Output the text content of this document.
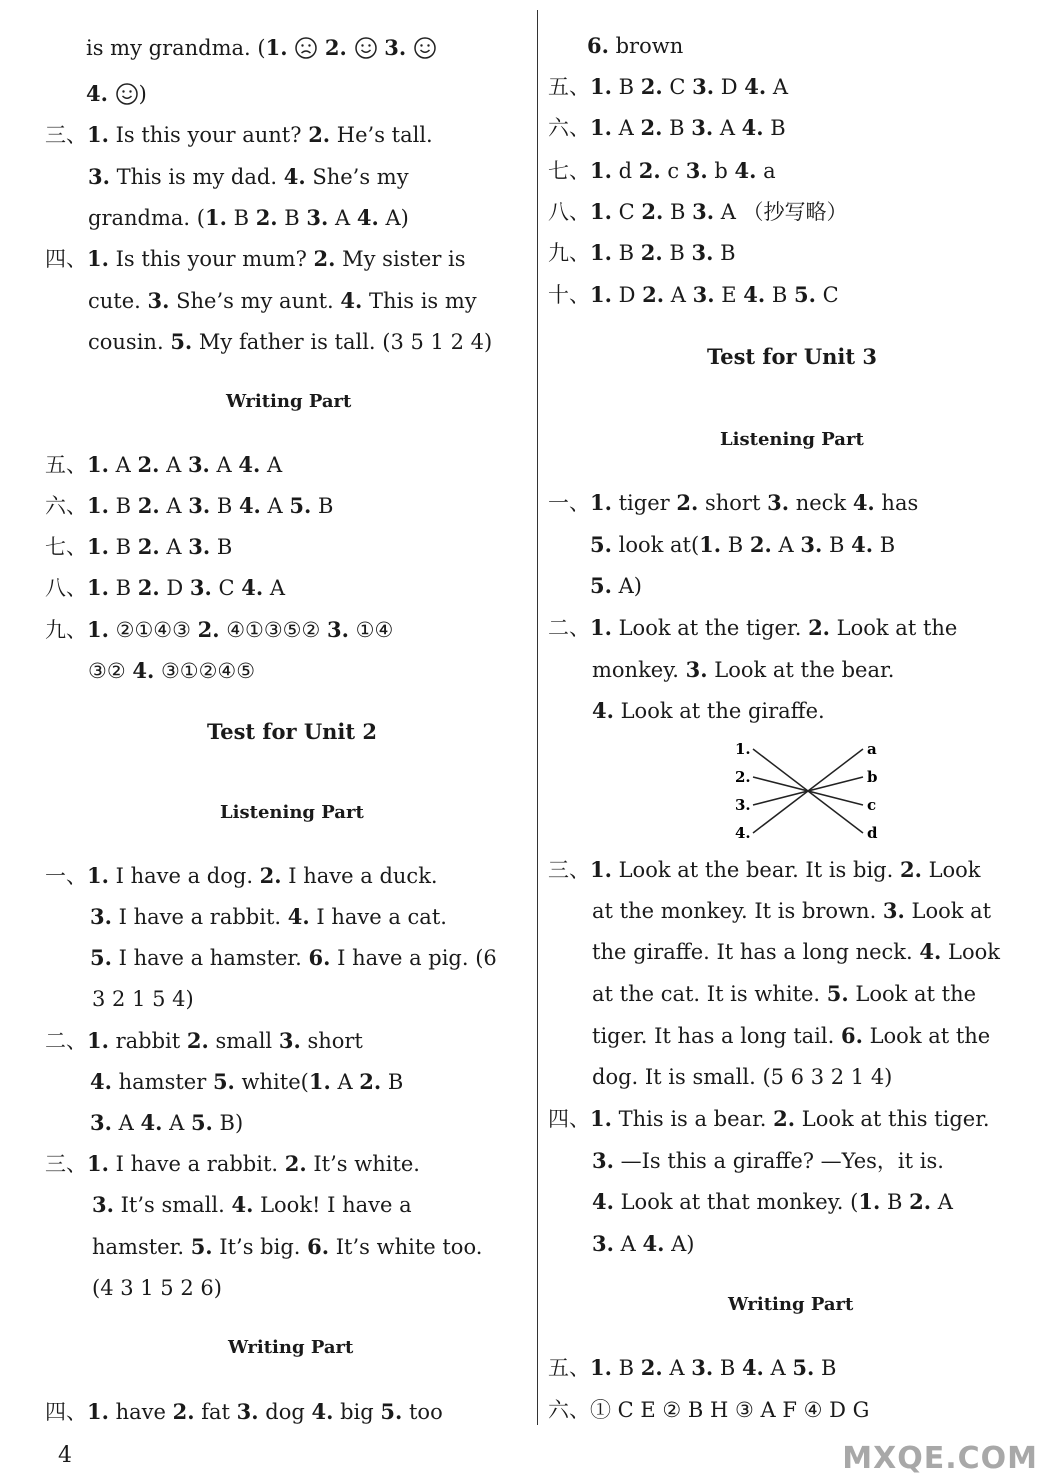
is my grandma. (1. 2. 3.
4. )
三、1. Is this your aunt? 2. He’s tall.
3. This is my dad. 4. She’s my
grandma. (1. B 2. B 3. A 4. A)
四、1. Is this your mum? 2. My sister is
cute. 3. She’s my aunt. 4. This is my
cousin. 5. My father is tall. (3 5 1 2 4)
五、1. A 2. A 3. A 4. A
六、1. B 2. A 3. B 4. A 5. B
七、1. B 2. A 3. B
八、1. B 2. D 3. C 4. A
九、1. ②①④③ 2. ④①③⑤② 3. ①④
③② 4. ③①②④⑤
一、1. I have a dog. 2. I have a duck.
3. I have a rabbit. 4. I have a cat.
5. I have a hamster. 6. I have a pig. (6
3 2 1 5 4)
二、1. rabbit 2. small 3. short
4. hamster 5. white(1. A 2. B
3. A 4. A 5. B)
三、1. I have a rabbit. 2. It’s white.
3. It’s small. 4. Look! I have a
hamster. 5. It’s big. 6. It’s white too.
(4 3 1 5 2 6)
四、1. have 2. fat 3. dog 4. big 5. too
Writing Part
Test for Unit 2
Listening Part
Writing Part
6. brown
五、1. B 2. C 3. D 4. A
六、1. A 2. B 3. A 4. B
七、1. d 2. c 3. b 4. a
八、1. C 2. B 3. A （抄写略）
九、1. B 2. B 3. B
十、1. D 2. A 3. E 4. B 5. C
一、1. tiger 2. short 3. neck 4. has
5. look at(1. B 2. A 3. B 4. B
5. A)
二、1. Look at the tiger. 2. Look at the
monkey. 3. Look at the bear.
4. Look at the giraffe.
三、1. Look at the bear. It is big. 2. Look
at the monkey. It is brown. 3. Look at
the giraffe. It has a long neck. 4. Look
at the cat. It is white. 5. Look at the
tiger. It has a long tail. 6. Look at the
dog. It is small. (5 6 3 2 1 4)
四、1. This is a bear. 2. Look at this tiger.
3. —Is this a giraffe? —Yes，it is.
4. Look at that monkey. (1. B 2. A
3. A 4. A)
五、1. B 2. A 3. B 4. A 5. B
六、① C E ② B H ③ A F ④ D G
Test for Unit 3
Listening Part
Writing Part
1.
2.
3.
4.
a
b
c
d
4	MXQE.COM
